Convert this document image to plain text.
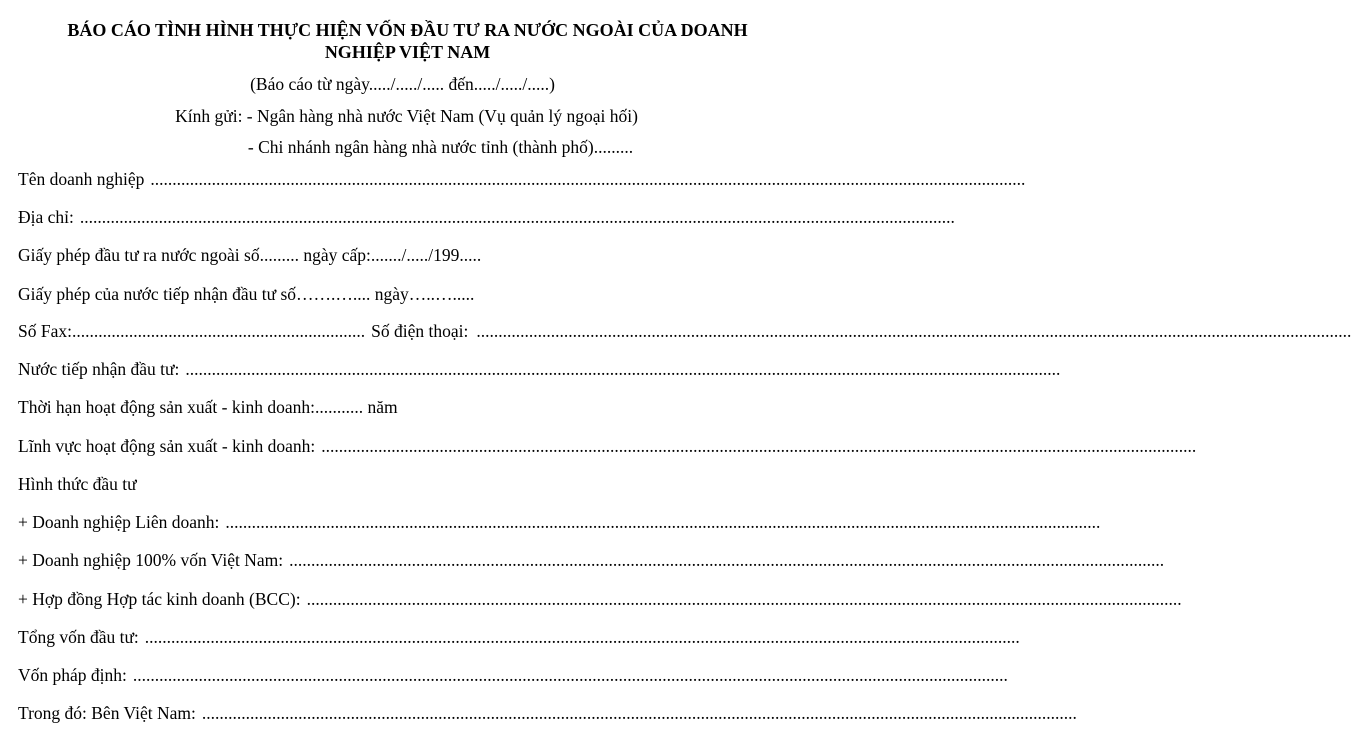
BÁO CÁO TÌNH HÌNH THỰC HIỆN VỐN ĐẦU TƯ RA NƯỚC NGOÀI CỦA DOANH NGHIỆP VIỆT NAM
(Báo cáo từ ngày...../...../..... đến...../...../.....)
Kính gửi: - Ngân hàng nhà nước Việt Nam (Vụ quản lý ngoại hối)
- Chi nhánh ngân hàng nhà nước tỉnh (thành phố).........
Tên doanh nghiệp ........................................................................................................................................................................................................
Địa chỉ: ........................................................................................................................................................................................................
Giấy phép đầu tư ra nước ngoài số......... ngày cấp:......./...../199.....
Giấy phép của nước tiếp nhận đầu tư số…….….... ngày…..….....
Số Fax:................................................................... Số điện thoại: ........................................................................................................................................................................................................
Nước tiếp nhận đầu tư: ........................................................................................................................................................................................................
Thời hạn hoạt động sản xuất - kinh doanh:........... năm
Lĩnh vực hoạt động sản xuất - kinh doanh: ........................................................................................................................................................................................................
Hình thức đầu tư
+ Doanh nghiệp Liên doanh: ........................................................................................................................................................................................................
+ Doanh nghiệp 100% vốn Việt Nam: ........................................................................................................................................................................................................
+ Hợp đồng Hợp tác kinh doanh (BCC): ........................................................................................................................................................................................................
Tổng vốn đầu tư: ........................................................................................................................................................................................................
Vốn pháp định: ........................................................................................................................................................................................................
Trong đó: Bên Việt Nam: ........................................................................................................................................................................................................
